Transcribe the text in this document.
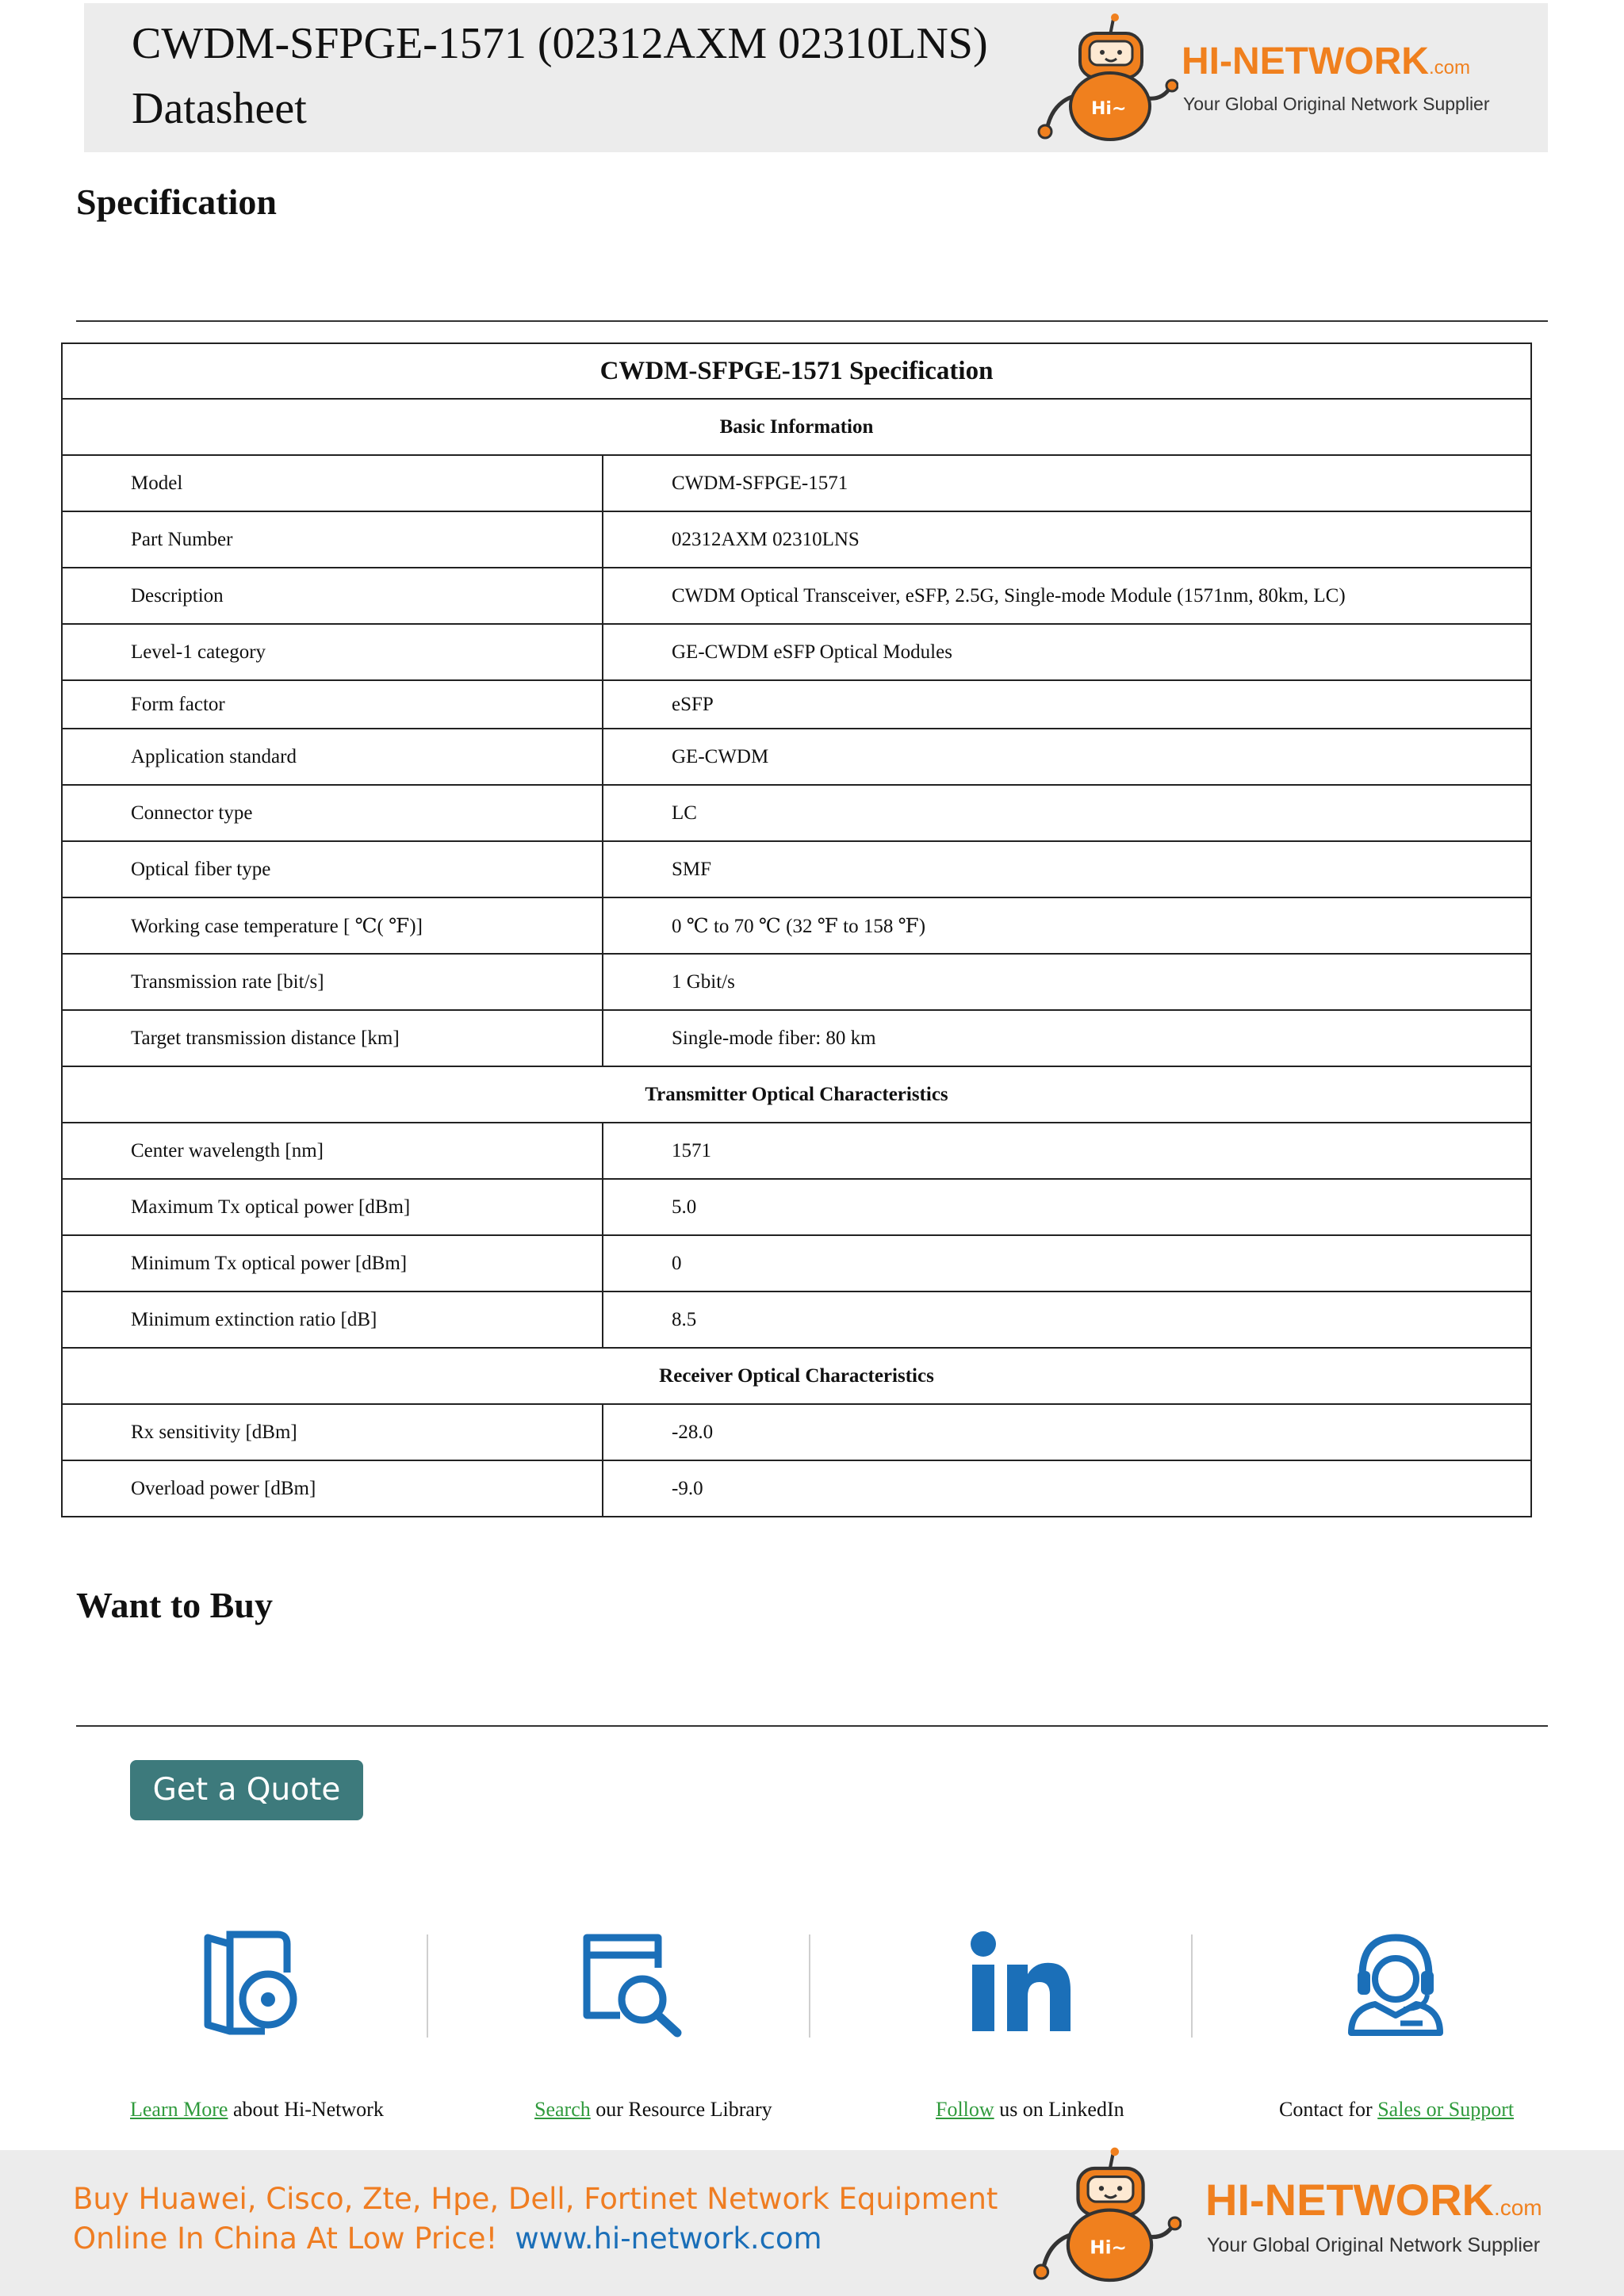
CWDM-SFPGE-1571 (02312AXM 02310LNS)
Datasheet	Hi~
HI-NETWORK.com
Your Global Original Network Supplier
Specification
CWDM-SFPGE-1571 Specification	
Basic Information	
Model	CWDM-SFPGE-1571
Part Number	02312AXM 02310LNS
Description	CWDM Optical Transceiver, eSFP, 2.5G, Single-mode Module (1571nm, 80km, LC)
Level-1 category	GE-CWDM eSFP Optical Modules
Form factor	eSFP
Application standard	GE-CWDM
Connector type	LC
Optical fiber type	SMF
Working case temperature [ ℃( ℉)]	0 ℃ to 70 ℃ (32 ℉ to 158 ℉)
Transmission rate [bit/s]	1 Gbit/s
Target transmission distance [km]	Single-mode fiber: 80 km
Transmitter Optical Characteristics	
Center wavelength [nm]	1571
Maximum Tx optical power [dBm]	5.0
Minimum Tx optical power [dBm]	0
Minimum extinction ratio [dB]	8.5
Receiver Optical Characteristics	
Rx sensitivity [dBm]	-28.0
Overload power [dBm]	-9.0
Want to Buy
Get a Quote
Learn More about Hi-Network	Search our Resource Library	Follow us on LinkedIn	Contact for Sales or Support
Buy Huawei, Cisco, Zte, Hpe, Dell, Fortinet Network Equipment
Online In China At Low Price! www.hi-network.com	Hi~
HI-NETWORK.com
Your Global Original Network Supplier
